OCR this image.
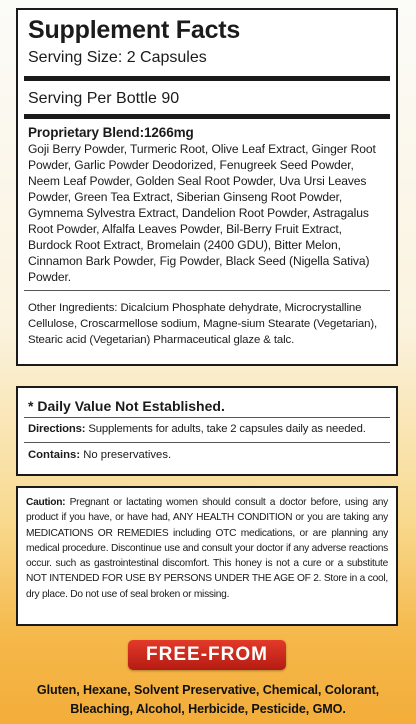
Supplement Facts
Serving Size: 2 Capsules
Serving Per Bottle 90
Proprietary Blend:1266mg
Goji Berry Powder, Turmeric Root, Olive Leaf Extract, Ginger Root Powder, Garlic Powder Deodorized, Fenugreek Seed Powder, Neem Leaf Powder, Golden Seal Root Powder, Uva Ursi Leaves Powder, Green Tea Extract, Siberian Ginseng Root Powder, Gymnema Sylvestra Extract, Dandelion Root Powder, Astragalus Root Powder, Alfalfa Leaves Powder, Bil-Berry Fruit Extract, Burdock Root Extract, Bromelain (2400 GDU), Bitter Melon, Cinnamon Bark Powder, Fig Powder, Black Seed (Nigella Sativa) Powder.
Other Ingredients: Dicalcium Phosphate dehydrate, Microcrystalline Cellulose, Croscarmellose sodium, Magne-sium Stearate (Vegetarian), Stearic acid (Vegetarian) Pharmaceutical glaze & talc.
* Daily Value Not Established.
Directions: Supplements for adults, take 2 capsules daily as needed.
Contains: No preservatives.
Caution: Pregnant or lactating women should consult a doctor before, using any product if you have, or have had, ANY HEALTH CONDITION or you are taking any MEDICATIONS OR REMEDIES including OTC medications, or are planning any medical procedure. Discontinue use and consult your doctor if any adverse reactions occur. such as gastrointestinal discomfort. This honey is not a cure or a substitute NOT INTENDED FOR USE BY PERSONS UNDER THE AGE OF 2. Store in a cool, dry place. Do not use of seal broken or missing.
FREE-FROM
Gluten, Hexane, Solvent Preservative, Chemical, Colorant,
Bleaching, Alcohol, Herbicide, Pesticide, GMO.
